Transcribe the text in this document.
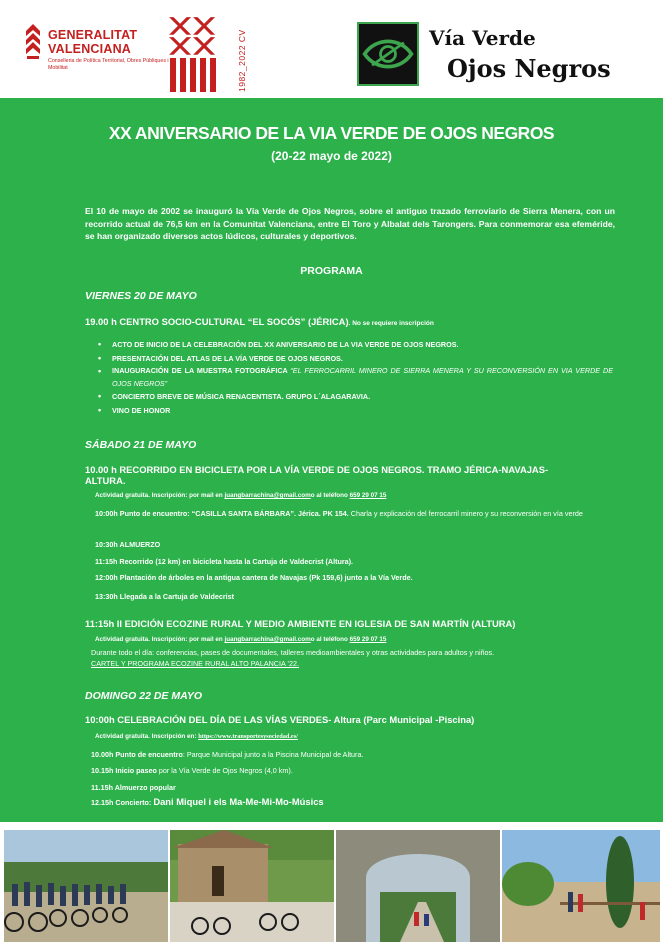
GENERALITAT
VALENCIANA
Conselleria de Política Territorial, Obres Públiques i Mobilitat	1982_2022 CV	Vía Verde
Ojos Negros
XX ANIVERSARIO DE LA VIA VERDE DE OJOS NEGROS
(20-22 mayo de 2022)
El 10 de mayo de 2002 se inauguró la Vía Verde de Ojos Negros, sobre el antiguo trazado ferroviario de Sierra Menera, con un recorrido actual de 76,5 km en la Comunitat Valenciana, entre El Toro y Albalat dels Tarongers. Para conmemorar esa efeméride, se han organizado diversos actos lúdicos, culturales y deportivos.
PROGRAMA
VIERNES 20 DE MAYO
19.00 h CENTRO SOCIO-CULTURAL “EL SOCÓS” (JÉRICA). No se requiere inscripción
• ACTO DE INICIO DE LA CELEBRACIÓN DEL XX ANIVERSARIO DE LA VIA VERDE DE OJOS NEGROS.
• PRESENTACIÓN DEL ATLAS DE LA VÍA VERDE DE OJOS NEGROS.
• INAUGURACIÓN DE LA MUESTRA FOTOGRÁFICA “EL FERROCARRIL MINERO DE SIERRA MENERA Y SU RECONVERSIÓN EN VIA VERDE DE OJOS NEGROS”
• CONCIERTO BREVE DE MÚSICA RENACENTISTA. GRUPO L´ALAGARAVIA.
• VINO DE HONOR
SÁBADO 21 DE MAYO
10.00 h RECORRIDO EN BICICLETA POR LA VÍA VERDE DE OJOS NEGROS. TRAMO JÉRICA-NAVAJAS-
ALTURA.
Actividad gratuita. Inscripción: por mail en juangbarrachina@gmail.como al teléfono 659 29 07 15
10:00h Punto de encuentro: “CASILLA SANTA BÁRBARA”. Jérica. PK 154. Charla y explicación del ferrocarril minero y su reconversión en vía verde
10:30h ALMUERZO
11:15h Recorrido (12 km) en bicicleta hasta la Cartuja de Valdecrist (Altura).
12:00h Plantación de árboles en la antigua cantera de Navajas (Pk 159,6) junto a la Vía Verde.
13:30h Llegada a la Cartuja de Valdecrist
11:15h II EDICIÓN ECOZINE RURAL Y MEDIO AMBIENTE EN IGLESIA DE SAN MARTÍN (ALTURA)
Actividad gratuita. Inscripción: por mail en juangbarrachina@gmail.como al teléfono 659 29 07 15
Durante todo el día: conferencias, pases de documentales, talleres medioambientales y otras actividades para adultos y niños.
CARTEL Y PROGRAMA ECOZINE RURAL ALTO PALANCIA ’22.
DOMINGO 22 DE MAYO
10:00h CELEBRACIÓN DEL DÍA DE LAS VÍAS VERDES- Altura (Parc Municipal -Piscina)
Actividad gratuita. Inscripción en: https://www.transportesysociedad.es/
10.00h Punto de encuentro: Parque Municipal junto a la Piscina Municipal de Altura.
10.15h Inicio paseo por la Vía Verde de Ojos Negros (4,0 km).
11.15h Almuerzo popular
12.15h Concierto: Dani Miquel i els Ma-Me-Mi-Mo-Músics
